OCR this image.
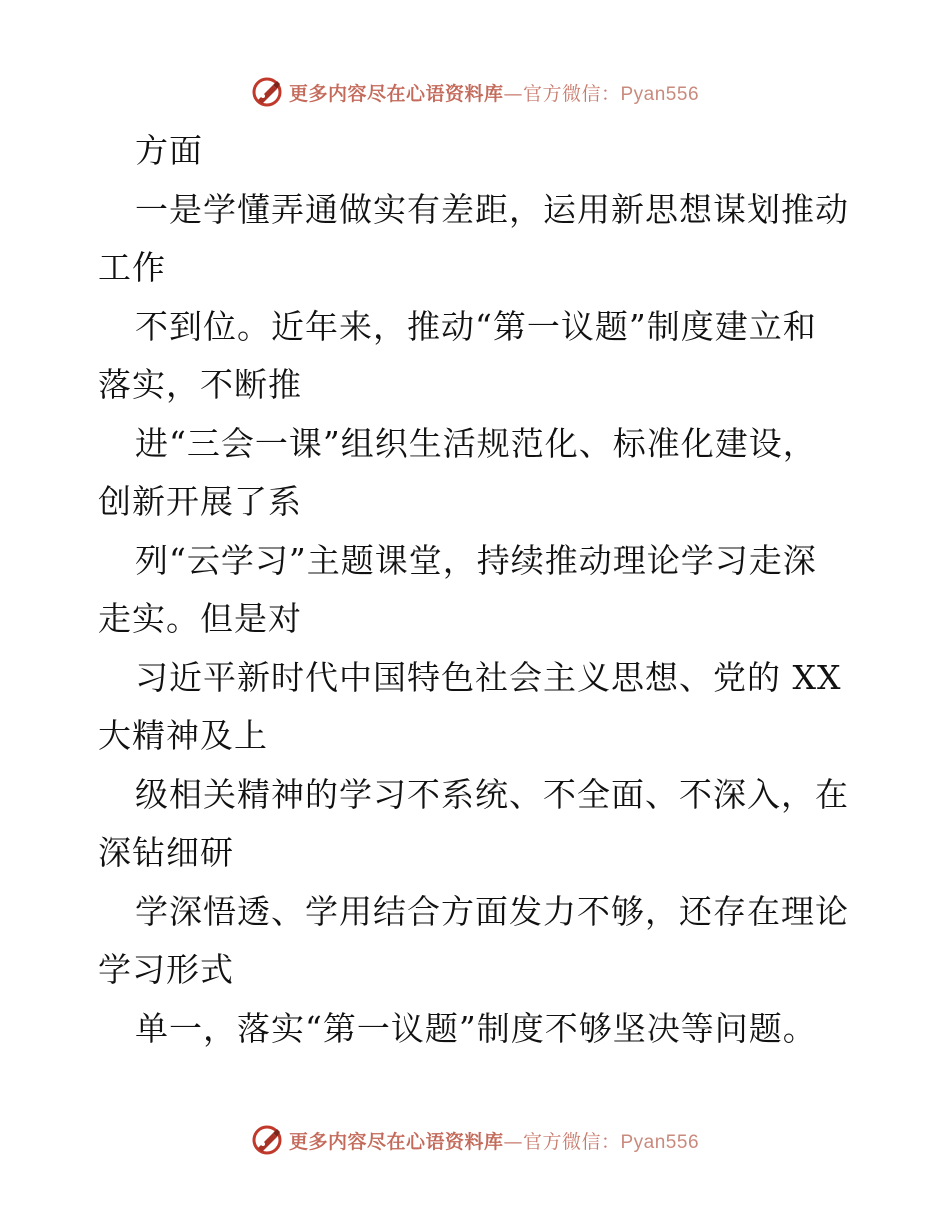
更多内容尽在心语资料库—官方微信：Pyan556
方面
一是学懂弄通做实有差距，运用新思想谋划推动
工作
不到位。近年来，推动“第一议题”制度建立和
落实，不断推
进“三会一课”组织生活规范化、标准化建设，
创新开展了系
列“云学习”主题课堂，持续推动理论学习走深
走实。但是对
习近平新时代中国特色社会主义思想、党的 XX
大精神及上
级相关精神的学习不系统、不全面、不深入，在
深钻细研
学深悟透、学用结合方面发力不够，还存在理论
学习形式
单一，落实“第一议题”制度不够坚决等问题。
更多内容尽在心语资料库—官方微信：Pyan556
